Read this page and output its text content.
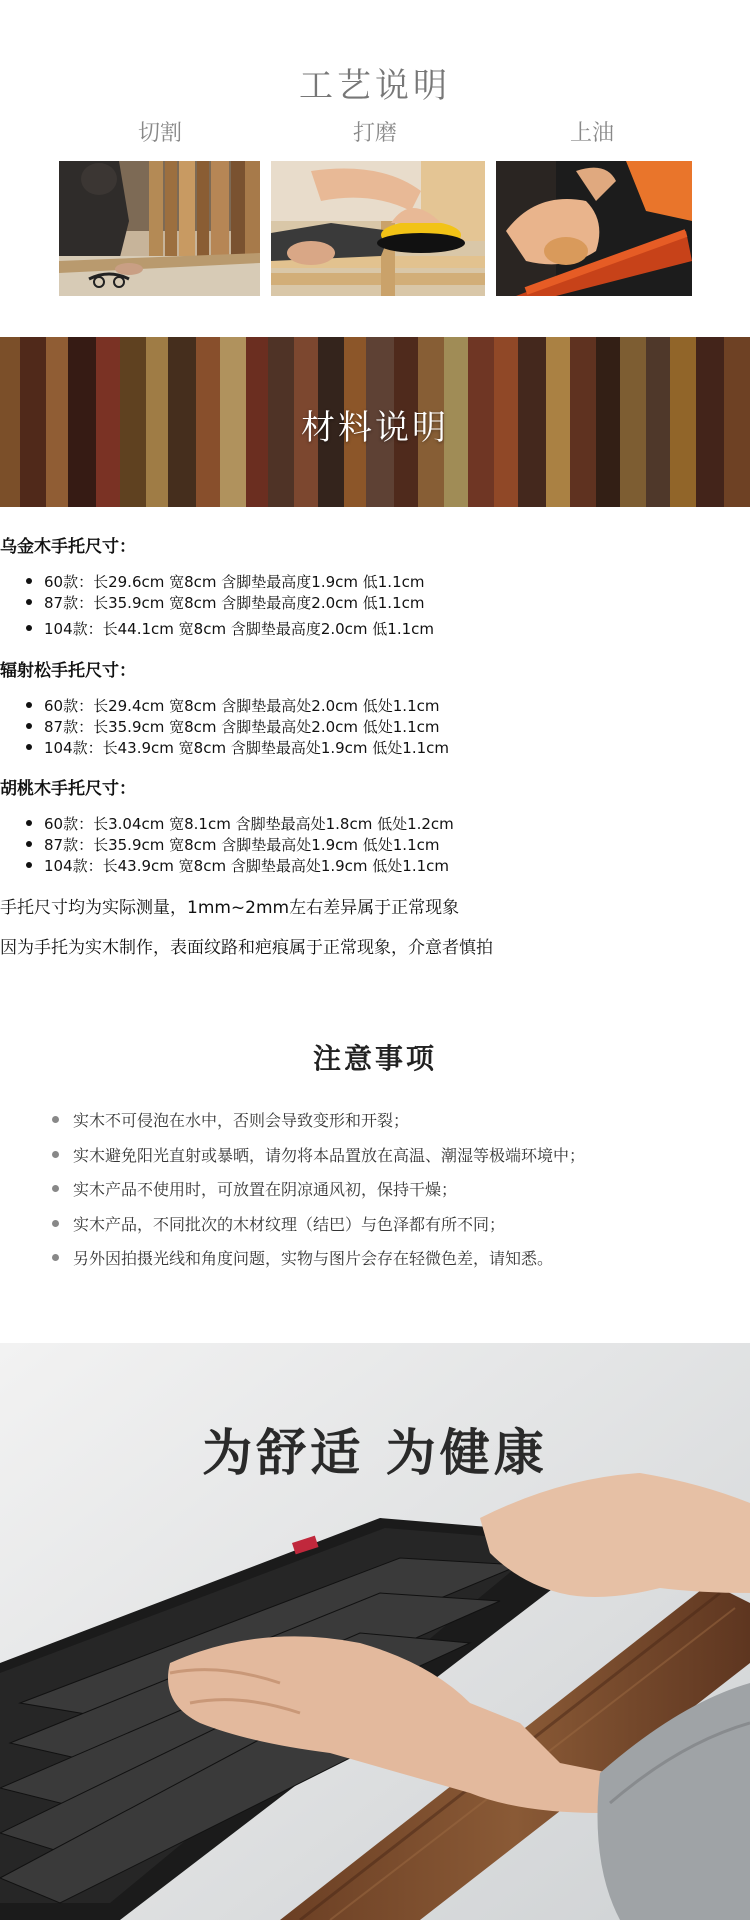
工艺说明
切割	打磨	上油
材料说明
乌金木手托尺寸：
60款：长29.6cm 宽8cm 含脚垫最高度1.9cm 低1.1cm
87款：长35.9cm 宽8cm 含脚垫最高度2.0cm 低1.1cm
104款：长44.1cm 宽8cm 含脚垫最高度2.0cm 低1.1cm
辐射松手托尺寸：
60款：长29.4cm 宽8cm 含脚垫最高处2.0cm 低处1.1cm
87款：长35.9cm 宽8cm 含脚垫最高处2.0cm 低处1.1cm
104款：长43.9cm 宽8cm 含脚垫最高处1.9cm 低处1.1cm
胡桃木手托尺寸：
60款：长3.04cm 宽8.1cm 含脚垫最高处1.8cm 低处1.2cm
87款：长35.9cm 宽8cm 含脚垫最高处1.9cm 低处1.1cm
104款：长43.9cm 宽8cm 含脚垫最高处1.9cm 低处1.1cm
手托尺寸均为实际测量，1mm~2mm左右差异属于正常现象
因为手托为实木制作，表面纹路和疤痕属于正常现象，介意者慎拍
注意事项
实木不可侵泡在水中，否则会导致变形和开裂；
实木避免阳光直射或暴晒，请勿将本品置放在高温、潮湿等极端环境中；
实木产品不使用时，可放置在阴凉通风初，保持干燥；
实木产品，不同批次的木材纹理（结巴）与色泽都有所不同；
另外因拍摄光线和角度问题，实物与图片会存在轻微色差，请知悉。
为舒适 为健康
